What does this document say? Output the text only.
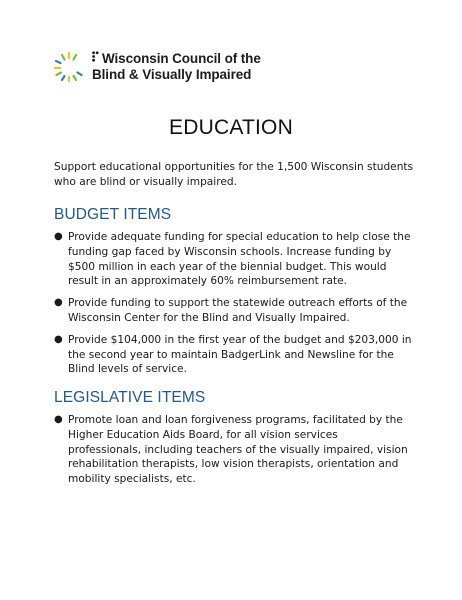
Wisconsin Council of the
Blind & Visually Impaired
EDUCATION

Support educational opportunities for the 1,500 Wisconsin students who are blind or visually impaired.

BUDGET ITEMS
● Provide adequate funding for special education to help close the funding gap faced by Wisconsin schools. Increase funding by $500 million in each year of the biennial budget. This would result in an approximately 60% reimbursement rate.
● Provide funding to support the statewide outreach efforts of the Wisconsin Center for the Blind and Visually Impaired.
● Provide $104,000 in the first year of the budget and $203,000 in the second year to maintain BadgerLink and Newsline for the Blind levels of service.
LEGISLATIVE ITEMS
● Promote loan and loan forgiveness programs, facilitated by the Higher Education Aids Board, for all vision services professionals, including teachers of the visually impaired, vision rehabilitation therapists, low vision therapists, orientation and mobility specialists, etc.
